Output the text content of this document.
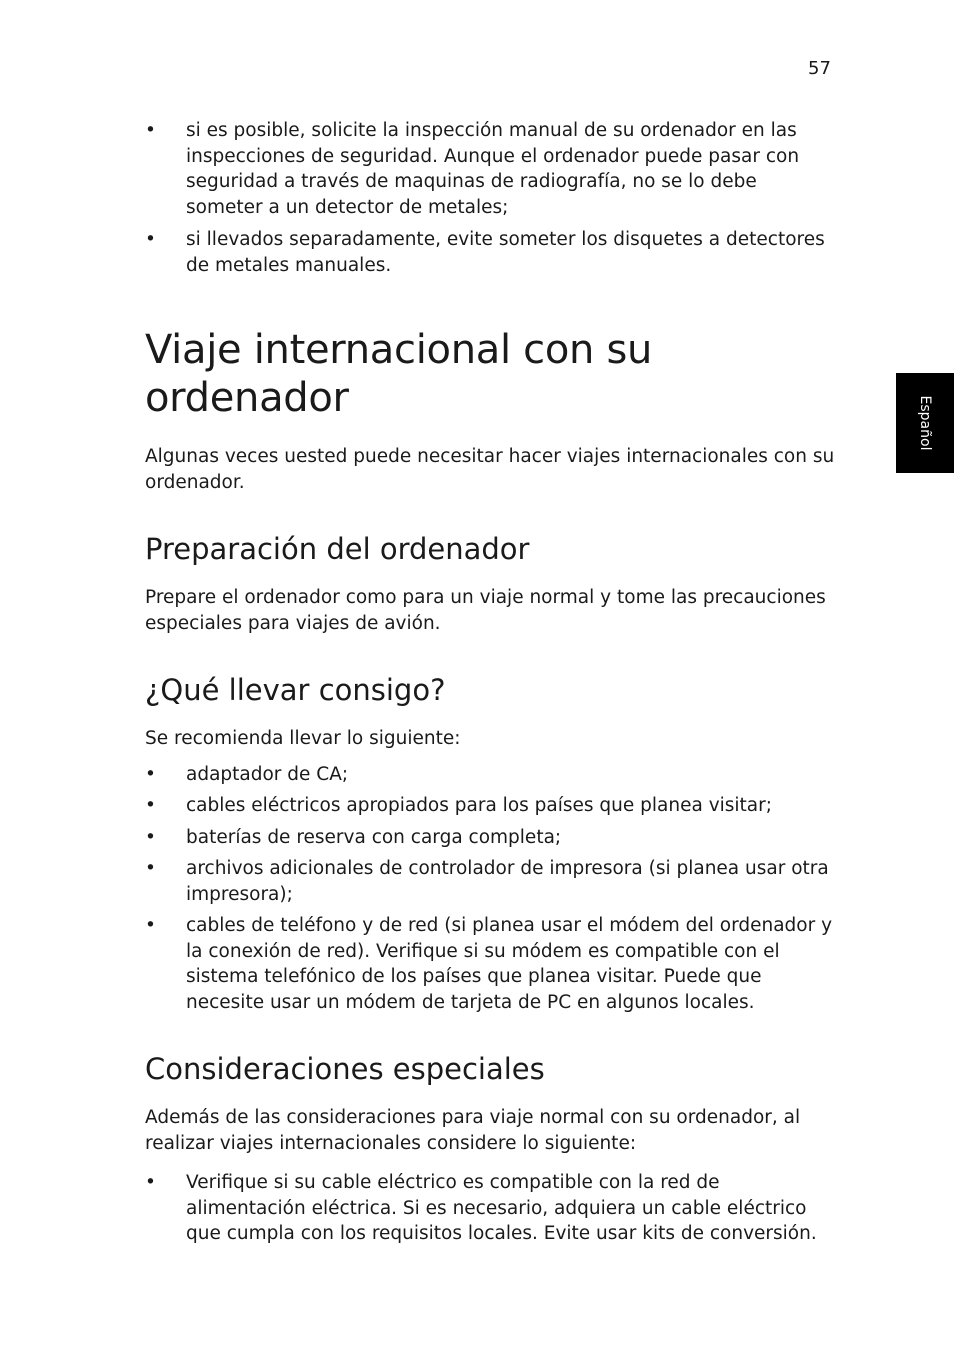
57
Español
• si es posible, solicite la inspección manual de su ordenador en las inspecciones de seguridad. Aunque el ordenador puede pasar con seguridad a través de maquinas de radiografía, no se lo debe someter a un detector de metales;
• si llevados separadamente, evite someter los disquetes a detectores de metales manuales.
Viaje internacional con su ordenador

Algunas veces uested puede necesitar hacer viajes internacionales con su ordenador.

Preparación del ordenador

Prepare el ordenador como para un viaje normal y tome las precauciones especiales para viajes de avión.

¿Qué llevar consigo?

Se recomienda llevar lo siguiente:

• adaptador de CA;
• cables eléctricos apropiados para los países que planea visitar;
• baterías de reserva con carga completa;
• archivos adicionales de controlador de impresora (si planea usar otra impresora);
• cables de teléfono y de red (si planea usar el módem del ordenador y la conexión de red). Verifique si su módem es compatible con el sistema telefónico de los países que planea visitar. Puede que necesite usar un módem de tarjeta de PC en algunos locales.
Consideraciones especiales

Además de las consideraciones para viaje normal con su ordenador, al realizar viajes internacionales considere lo siguiente:

• Verifique si su cable eléctrico es compatible con la red de alimentación eléctrica. Si es necesario, adquiera un cable eléctrico que cumpla con los requisitos locales. Evite usar kits de conversión.
